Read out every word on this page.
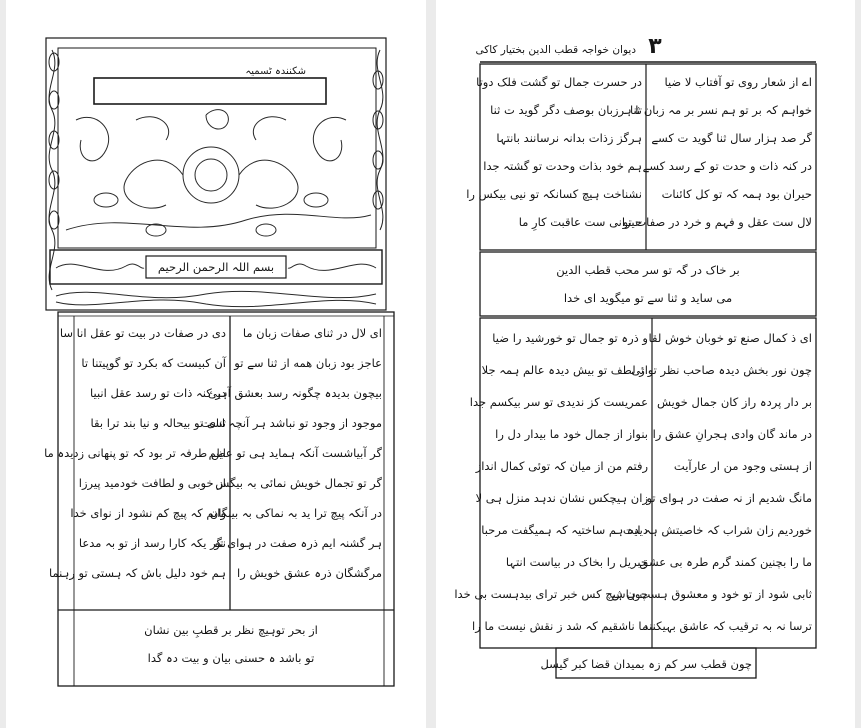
شکنندہ ٹسمیہ
بسم اللہ الرحمن الرحیم
ای لال در ثنای صفات زبان ما
عاجز بود زبان همه از ثنا سے تو
بیچون بدیدہ چگونہ رسد بعشق آہیئ
موجود از وجود تو نباشد ہر آنچہ است
گر آبیاشست آنکہ ہماید ہی تو عظم
گر تو تجمال خویش نمائی بہ بیگس
در آنکہ پیچ ترا ید بہ نماکی بہ بینگان
ہر گشنہ ایم ذرہ صفت در ہوای تو
مرگشگان ذرہ عشق خویش را
دی در صفات در بیت تو عقل انا سا
آن کبیست که بکرد تو گوپیتنا تا
در کنہ ذات تو رسد عقل انبیا
ثنای تو بیحالہ و نیا بند ترا بقا
ایں طرفہ تر بود کہ تو پنهانی زدیدہ ما
از خوبی و لطافت خودمید پیرزا
وانم کہ پیچ کم نشود از نوای خدا
نگر یکہ کارا رسد از تو بہ مدعا
ہم خود دلیل باش کہ ہستی تو رہنما
از بحر توہیچ نظر بر قطبِ بین نشان
تو باشد ہ حسنی بیان و بیت دہ گدا
دیوان خواجہ قطب الدین بختیار کاکی ۳
اے از شعار روی تو آفتاب لا ضیا
خواہم کہ بر تو ہم نسر بر مہ زبان ثنا
گر صد ہزار سال ثنا گوید ت کسے
در کنہ ذات و حدت تو کے رسد کسے
حیران بود ہمہ کہ تو کل کائنات
لال ست عقل و فہم و خرد در صفات تو
در حسرت جمال تو گشت فلک دوتا
تا ہرزبان بوصف دگر گوید ت ثنا
ہرگز زذات بدانہ نرسانند بانتہا
ہم خود بذات وحدت تو گشتہ جدا
نشناخت ہیچ کسانکہ تو نیی بیکس را
حیرانی ست عاقبت کارِ ما
بر خاک در گہ تو سر محب قطب الدین
می ساید و ثنا سے تو میگوید ای خدا
ای ذ کمال صنع تو خوبان خوش لقا
چون نور بخش دیدہ صاحب نظر تو ئی
بر دار پردہ راز کان جمال خویش
در ماند گان وادی ہجرانِ عشق را
از ہستی وجود من ار عارآیت
مانگ شدیم از نہ صفت در ہوای تو
خوردیم زان شراب کہ خاصیتش ہہ ایت
ما را بچنین کمند گرم طرہ بی عشق
ثابی شود از تو خود و معشوق ہست ہاش
ترسا نہ بہ ترقیب کہ عاشق بہیکنند
و ذرہ تو جمال تو خورشید را ضیا
از لطف تو بیش دیدہ عالم ہمہ جلا
عمریست کز ندیدی تو سر بیکسم جدا
بنواز از جمال خود ما بیدار دل را
رفتم من از میان کہ توئی کمال انداز
زان ہیچکس نشان ندہد منزل ہی لا
دیدہ ہم ساختیہ کہ ہمیگفت مرحبا
جبریل را بخاک در بیاست انتہا
چون ہیچ کس خبر ترای بیدہست بی خدا
ما ناشقیم کہ شد ز نقش نیست ما را
چون قطب سر کم زہ بمیدان قضا کبر گیسل
